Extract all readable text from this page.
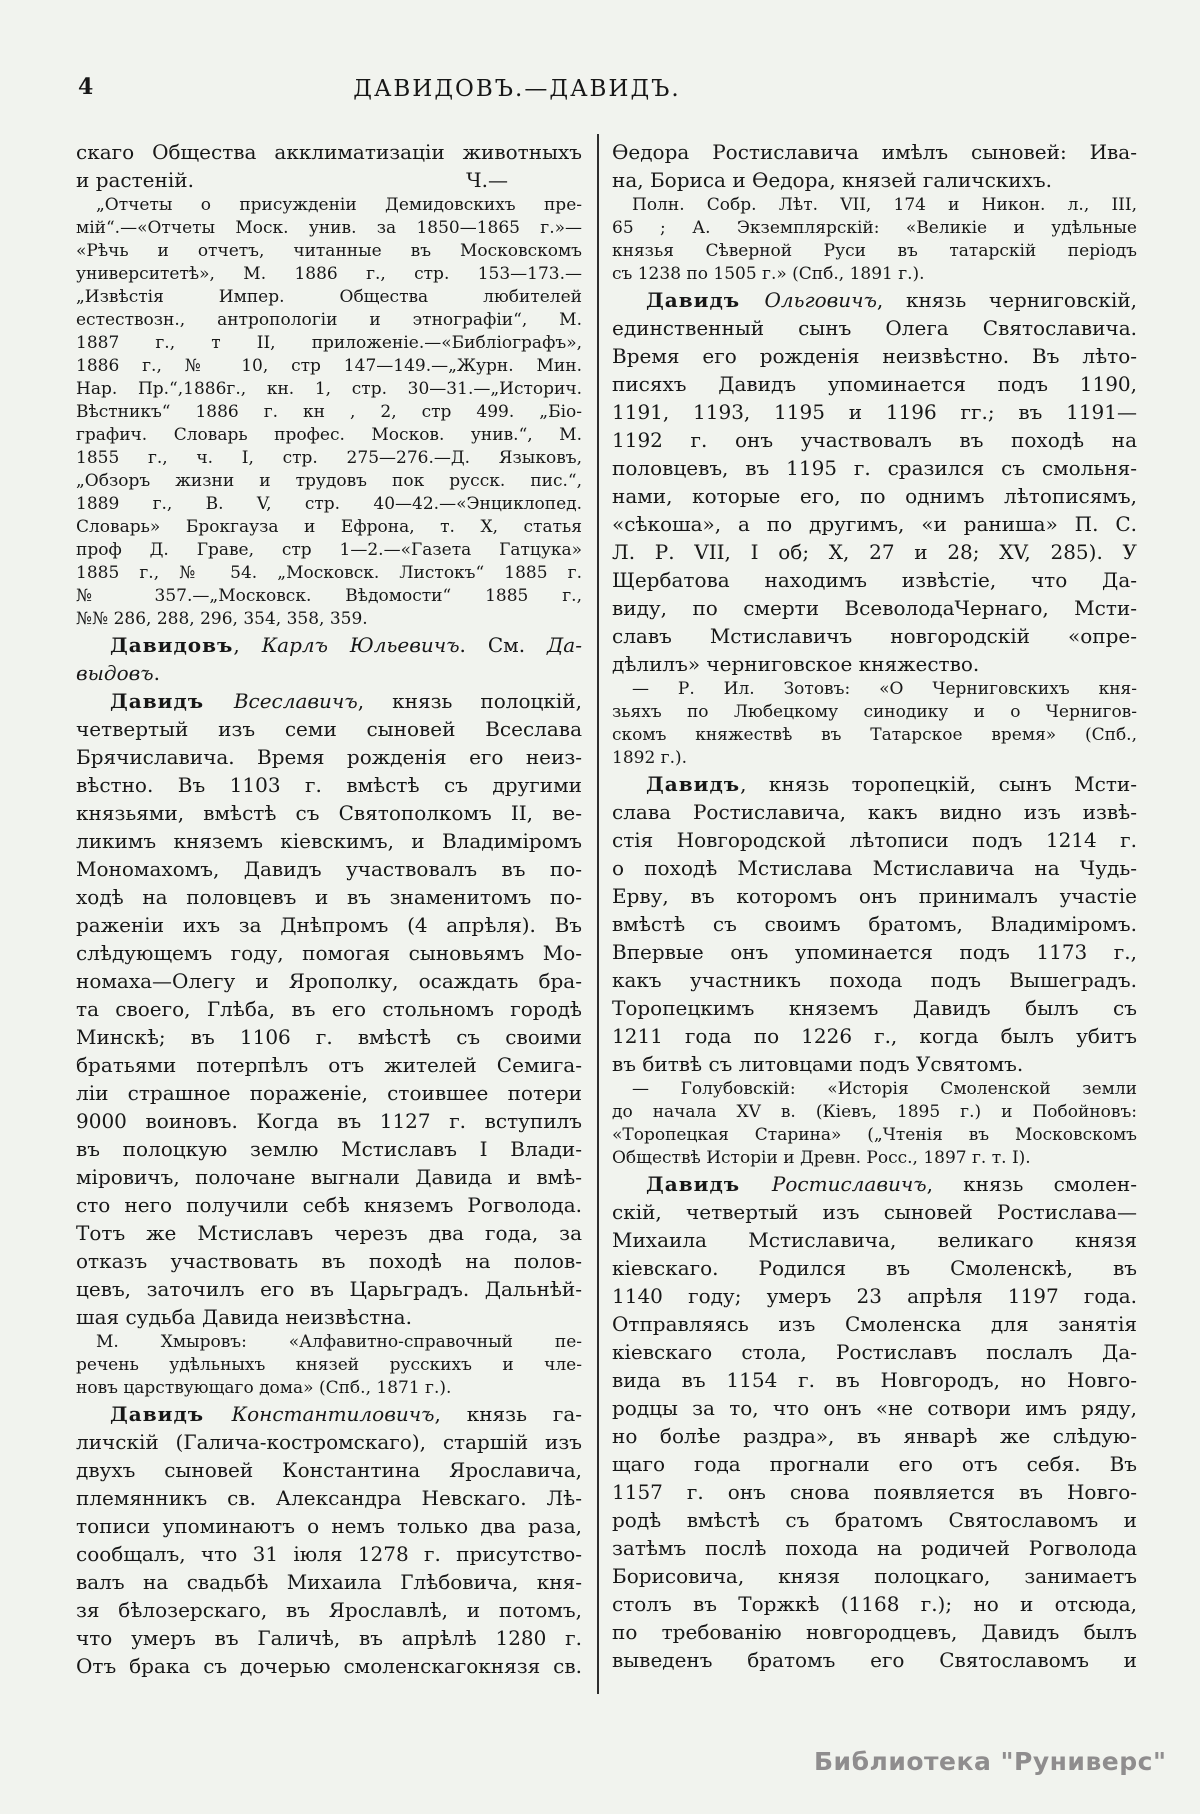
4	ДАВИДОВЪ.—ДАВИДЪ.
скаго Общества акклиматизаціи животныхъ
и растеній.	Ч.—
„Отчеты о присужденіи Демидовскихъ пре-
мій“.—«Отчеты Моск. унив. за 1850—1865 г.»—
«Рѣчь и отчетъ, читанные въ Московскомъ
университетѣ», М. 1886 г., стр. 153—173.—
„Извѣстія Импер. Общества любителей
естествозн., антропологіи и этнографіи“, М.
1887 г., т II, приложеніе.—«Библіографъ»,
1886 г., № 10, стр 147—149.—„Журн. Мин.
Нар. Пр.“,1886г., кн. 1, стр. 30—31.—„Историч.
Вѣстникъ“ 1886 г. кн , 2, стр 499. „Біо-
графич. Словарь профес. Москов. унив.“, М.
1855 г., ч. I, стр. 275—276.—Д. Языковъ,
„Обзоръ жизни и трудовъ пок русск. пис.“,
1889 г., В. V, стр. 40—42.—«Энциклопед.
Словарь» Брокгауза и Ефрона, т. X, статья
проф Д. Граве, стр 1—2.—«Газета Гатцука»
1885 г., № 54. „Московск. Листокъ“ 1885 г.
№ 357.—„Московск. Вѣдомости“ 1885 г.,
№№ 286, 288, 296, 354, 358, 359.
Давидовъ, Карлъ Юльевичъ. См. Да-
выдовъ.
Давидъ Всеславичъ, князь полоцкій,
четвертый изъ семи сыновей Всеслава
Брячиславича. Время рожденія его неиз-
вѣстно. Въ 1103 г. вмѣстѣ съ другими
князьями, вмѣстѣ съ Святополкомъ II, ве-
ликимъ княземъ кіевскимъ, и Владиміромъ
Мономахомъ, Давидъ участвовалъ въ по-
ходѣ на половцевъ и въ знаменитомъ по-
раженіи ихъ за Днѣпромъ (4 апрѣля). Въ
слѣдующемъ году, помогая сыновьямъ Мо-
номаха—Олегу и Ярополку, осаждать бра-
та своего, Глѣба, въ его стольномъ городѣ
Минскѣ; въ 1106 г. вмѣстѣ съ своими
братьями потерпѣлъ отъ жителей Семига-
ліи страшное пораженіе, стоившее потери
9000 воиновъ. Когда въ 1127 г. вступилъ
въ полоцкую землю Мстиславъ I Влади-
міровичъ, полочане выгнали Давида и вмѣ-
сто него получили себѣ княземъ Рогволода.
Тотъ же Мстиславъ черезъ два года, за
отказъ участвовать въ походѣ на полов-
цевъ, заточилъ его въ Царьградъ. Дальнѣй-
шая судьба Давида неизвѣстна.
М. Хмыровъ: «Алфавитно-справочный пе-
речень удѣльныхъ князей русскихъ и чле-
новъ царствующаго дома» (Спб., 1871 г.).
Давидъ Константиловичъ, князь га-
личскій (Галича-костромскаго), старшій изъ
двухъ сыновей Константина Ярославича,
племянникъ св. Александра Невскаго. Лѣ-
тописи упоминаютъ о немъ только два раза,
сообщалъ, что 31 іюля 1278 г. присутство-
валъ на свадьбѣ Михаила Глѣбовича, кня-
зя бѣлозерскаго, въ Ярославлѣ, и потомъ,
что умеръ въ Галичѣ, въ апрѣлѣ 1280 г.
Отъ брака съ дочерью смоленскагокнязя св.
Ѳедора Ростиславича имѣлъ сыновей: Ива-
на, Бориса и Ѳедора, князей галичскихъ.
Полн. Собр. Лѣт. VII, 174 и Никон. л., III,
65 ; А. Экземплярскій: «Великіе и удѣльные
князья Сѣверной Руси въ татарскій періодъ
съ 1238 по 1505 г.» (Спб., 1891 г.).
Давидъ Ольговичъ, князь черниговскій,
единственный сынъ Олега Святославича.
Время его рожденія неизвѣстно. Въ лѣто-
писяхъ Давидъ упоминается подъ 1190,
1191, 1193, 1195 и 1196 гг.; въ 1191—
1192 г. онъ участвовалъ въ походѣ на
половцевъ, въ 1195 г. сразился съ смольня-
нами, которые его, по однимъ лѣтописямъ,
«сѣкоша», а по другимъ, «и раниша» П. С.
Л. Р. VII, I об; X, 27 и 28; XV, 285). У
Щербатова находимъ извѣстіе, что Да-
виду, по смерти ВсеволодаЧернаго, Мсти-
славъ Мстиславичъ новгородскій «опре-
дѣлилъ» черниговское княжество.
— Р. Ил. Зотовъ: «О Черниговскихъ кня-
зьяхъ по Любецкому синодику и о Чернигов-
скомъ княжествѣ въ Татарское время» (Спб.,
1892 г.).
Давидъ, князь торопецкій, сынъ Мсти-
слава Ростиславича, какъ видно изъ извѣ-
стія Новгородской лѣтописи подъ 1214 г.
о походѣ Мстислава Мстиславича на Чудь-
Ерву, въ которомъ онъ принималъ участіе
вмѣстѣ съ своимъ братомъ, Владиміромъ.
Впервые онъ упоминается подъ 1173 г.,
какъ участникъ похода подъ Вышеградъ.
Торопецкимъ княземъ Давидъ былъ съ
1211 года по 1226 г., когда былъ убитъ
въ битвѣ съ литовцами подъ Усвятомъ.
— Голубовскій: «Исторія Смоленской земли
до начала XV в. (Кіевъ, 1895 г.) и Побойновъ:
«Торопецкая Старина» („Чтенія въ Московскомъ
Обществѣ Исторіи и Древн. Росс., 1897 г. т. I).
Давидъ Ростиславичъ, князь смолен-
скій, четвертый изъ сыновей Ростислава—
Михаила Мстиславича, великаго князя
кіевскаго. Родился въ Смоленскѣ, въ
1140 году; умеръ 23 апрѣля 1197 года.
Отправляясь изъ Смоленска для занятія
кіевскаго стола, Ростиславъ послалъ Да-
вида въ 1154 г. въ Новгородъ, но Новго-
родцы за то, что онъ «не сотвори имъ ряду,
но болѣе раздра», въ январѣ же слѣдую-
щаго года прогнали его отъ себя. Въ
1157 г. онъ снова появляется въ Новго-
родѣ вмѣстѣ съ братомъ Святославомъ и
затѣмъ послѣ похода на родичей Рогволода
Борисовича, князя полоцкаго, занимаетъ
столъ въ Торжкѣ (1168 г.); но и отсюда,
по требованію новгородцевъ, Давидъ былъ
выведенъ братомъ его Святославомъ и
Библиотека "Руниверс"
